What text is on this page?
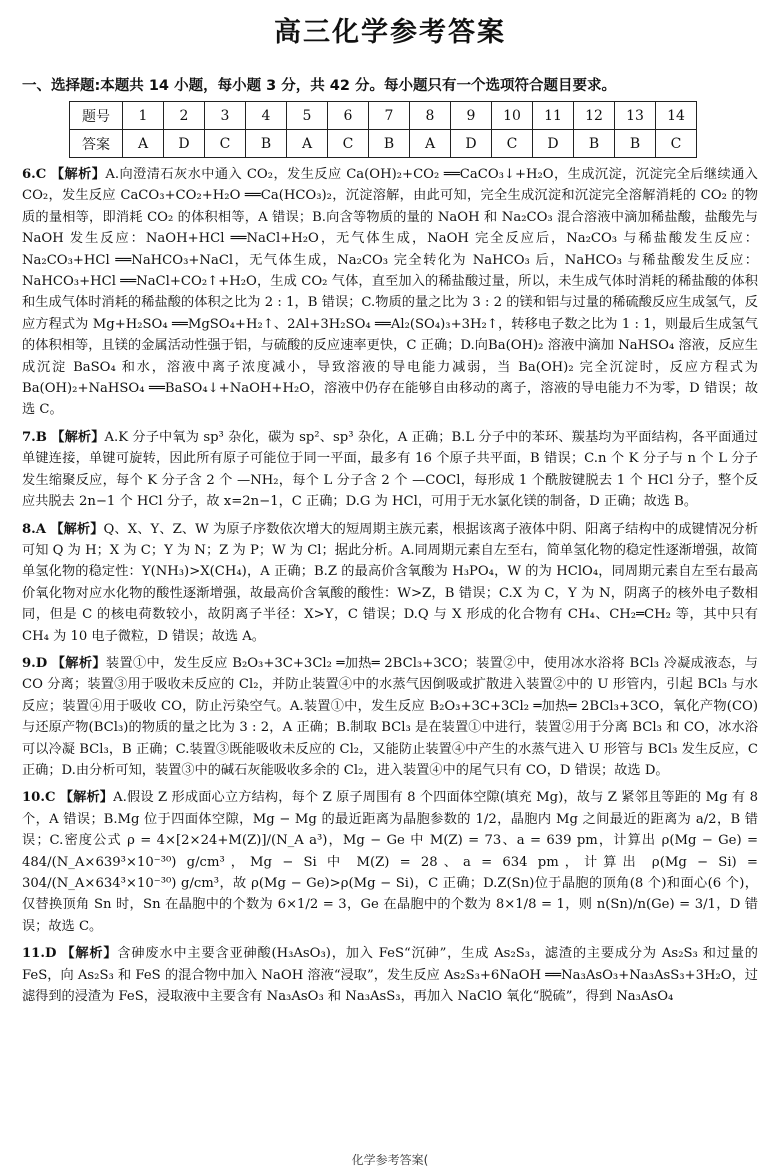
高三化学参考答案
一、选择题:本题共 14 小题，每小题 3 分，共 42 分。每小题只有一个选项符合题目要求。
题号	1	2	3	4	5	6	7	8	9	10	11	12	13	14
答案	A	D	C	B	A	C	B	A	D	C	D	B	B	C

6.C 【解析】A.向澄清石灰水中通入 CO₂，发生反应 Ca(OH)₂+CO₂ ══CaCO₃↓+H₂O，生成沉淀，沉淀完全后继续通入 CO₂，发生反应 CaCO₃+CO₂+H₂O ══Ca(HCO₃)₂，沉淀溶解，由此可知，完全生成沉淀和沉淀完全溶解消耗的 CO₂ 的物质的量相等，即消耗 CO₂ 的体积相等，A 错误；B.向含等物质的量的 NaOH 和 Na₂CO₃ 混合溶液中滴加稀盐酸，盐酸先与 NaOH 发生反应：NaOH+HCl ══NaCl+H₂O，无气体生成，NaOH 完全反应后，Na₂CO₃ 与稀盐酸发生反应：Na₂CO₃+HCl ══NaHCO₃+NaCl，无气体生成，Na₂CO₃ 完全转化为 NaHCO₃ 后，NaHCO₃ 与稀盐酸发生反应：NaHCO₃+HCl ══NaCl+CO₂↑+H₂O，生成 CO₂ 气体，直至加入的稀盐酸过量，所以，未生成气体时消耗的稀盐酸的体积和生成气体时消耗的稀盐酸的体积之比为 2 : 1，B 错误；C.物质的量之比为 3 : 2 的镁和铝与过量的稀硫酸反应生成氢气，反应方程式为 Mg+H₂SO₄ ══MgSO₄+H₂↑、2Al+3H₂SO₄ ══Al₂(SO₄)₃+3H₂↑，转移电子数之比为 1 : 1，则最后生成氢气的体积相等，且镁的金属活动性强于铝，与硫酸的反应速率更快，C 正确；D.向Ba(OH)₂ 溶液中滴加 NaHSO₄ 溶液，反应生成沉淀 BaSO₄ 和水，溶液中离子浓度减小，导致溶液的导电能力减弱，当 Ba(OH)₂ 完全沉淀时，反应方程式为 Ba(OH)₂+NaHSO₄ ══BaSO₄↓+NaOH+H₂O，溶液中仍存在能够自由移动的离子，溶液的导电能力不为零，D 错误；故选 C。

7.B 【解析】A.K 分子中氧为 sp³ 杂化，碳为 sp²、sp³ 杂化，A 正确；B.L 分子中的苯环、羰基均为平面结构，各平面通过单键连接，单键可旋转，因此所有原子可能位于同一平面，最多有 16 个原子共平面，B 错误；C.n 个 K 分子与 n 个 L 分子发生缩聚反应，每个 K 分子含 2 个 —NH₂，每个 L 分子含 2 个 —COCl，每形成 1 个酰胺键脱去 1 个 HCl 分子，整个反应共脱去 2n−1 个 HCl 分子，故 x=2n−1，C 正确；D.G 为 HCl，可用于无水氯化镁的制备，D 正确；故选 B。

8.A 【解析】Q、X、Y、Z、W 为原子序数依次增大的短周期主族元素，根据该离子液体中阴、阳离子结构中的成键情况分析可知 Q 为 H；X 为 C；Y 为 N；Z 为 P；W 为 Cl；据此分析。A.同周期元素自左至右，简单氢化物的稳定性逐渐增强，故简单氢化物的稳定性：Y(NH₃)>X(CH₄)，A 正确；B.Z 的最高价含氧酸为 H₃PO₄，W 的为 HClO₄，同周期元素自左至右最高价氧化物对应水化物的酸性逐渐增强，故最高价含氧酸的酸性：W>Z，B 错误；C.X 为 C，Y 为 N，阴离子的核外电子数相同，但是 C 的核电荷数较小，故阴离子半径：X>Y，C 错误；D.Q 与 X 形成的化合物有 CH₄、CH₂═CH₂ 等，其中只有 CH₄ 为 10 电子微粒，D 错误；故选 A。

9.D 【解析】装置①中，发生反应 B₂O₃+3C+3Cl₂ ═加热═ 2BCl₃+3CO；装置②中，使用冰水浴将 BCl₃ 冷凝成液态，与 CO 分离；装置③用于吸收未反应的 Cl₂，并防止装置④中的水蒸气因倒吸或扩散进入装置②中的 U 形管内，引起 BCl₃ 与水反应；装置④用于吸收 CO，防止污染空气。A.装置①中，发生反应 B₂O₃+3C+3Cl₂ ═加热═ 2BCl₃+3CO，氧化产物(CO)与还原产物(BCl₃)的物质的量之比为 3 : 2，A 正确；B.制取 BCl₃ 是在装置①中进行，装置②用于分离 BCl₃ 和 CO，冰水浴可以冷凝 BCl₃，B 正确；C.装置③既能吸收未反应的 Cl₂，又能防止装置④中产生的水蒸气进入 U 形管与 BCl₃ 发生反应，C 正确；D.由分析可知，装置③中的碱石灰能吸收多余的 Cl₂，进入装置④中的尾气只有 CO，D 错误；故选 D。

10.C 【解析】A.假设 Z 形成面心立方结构，每个 Z 原子周围有 8 个四面体空隙(填充 Mg)，故与 Z 紧邻且等距的 Mg 有 8 个，A 错误；B.Mg 位于四面体空隙，Mg − Mg 的最近距离为晶胞参数的 1/2，晶胞内 Mg 之间最近的距离为 a/2，B 错误；C.密度公式 ρ = 4×[2×24+M(Z)]/(N_A a³)，Mg − Ge 中 M(Z) = 73、a = 639 pm，计算出 ρ(Mg − Ge) = 484/(N_A×639³×10⁻³⁰) g/cm³，Mg − Si 中 M(Z) = 28、a = 634 pm，计算出 ρ(Mg − Si) = 304/(N_A×634³×10⁻³⁰) g/cm³，故 ρ(Mg − Ge)>ρ(Mg − Si)，C 正确；D.Z(Sn)位于晶胞的顶角(8 个)和面心(6 个)，仅替换顶角 Sn 时，Sn 在晶胞中的个数为 6×1/2 = 3，Ge 在晶胞中的个数为 8×1/8 = 1，则 n(Sn)/n(Ge) = 3/1，D 错误；故选 C。

11.D 【解析】含砷废水中主要含亚砷酸(H₃AsO₃)，加入 FeS“沉砷”，生成 As₂S₃，滤渣的主要成分为 As₂S₃ 和过量的 FeS，向 As₂S₃ 和 FeS 的混合物中加入 NaOH 溶液“浸取”，发生反应 As₂S₃+6NaOH ══Na₃AsO₃+Na₃AsS₃+3H₂O，过滤得到的浸渣为 FeS，浸取液中主要含有 Na₃AsO₃ 和 Na₃AsS₃，再加入 NaClO 氧化“脱硫”，得到 Na₃AsO₄

化学参考答案(
